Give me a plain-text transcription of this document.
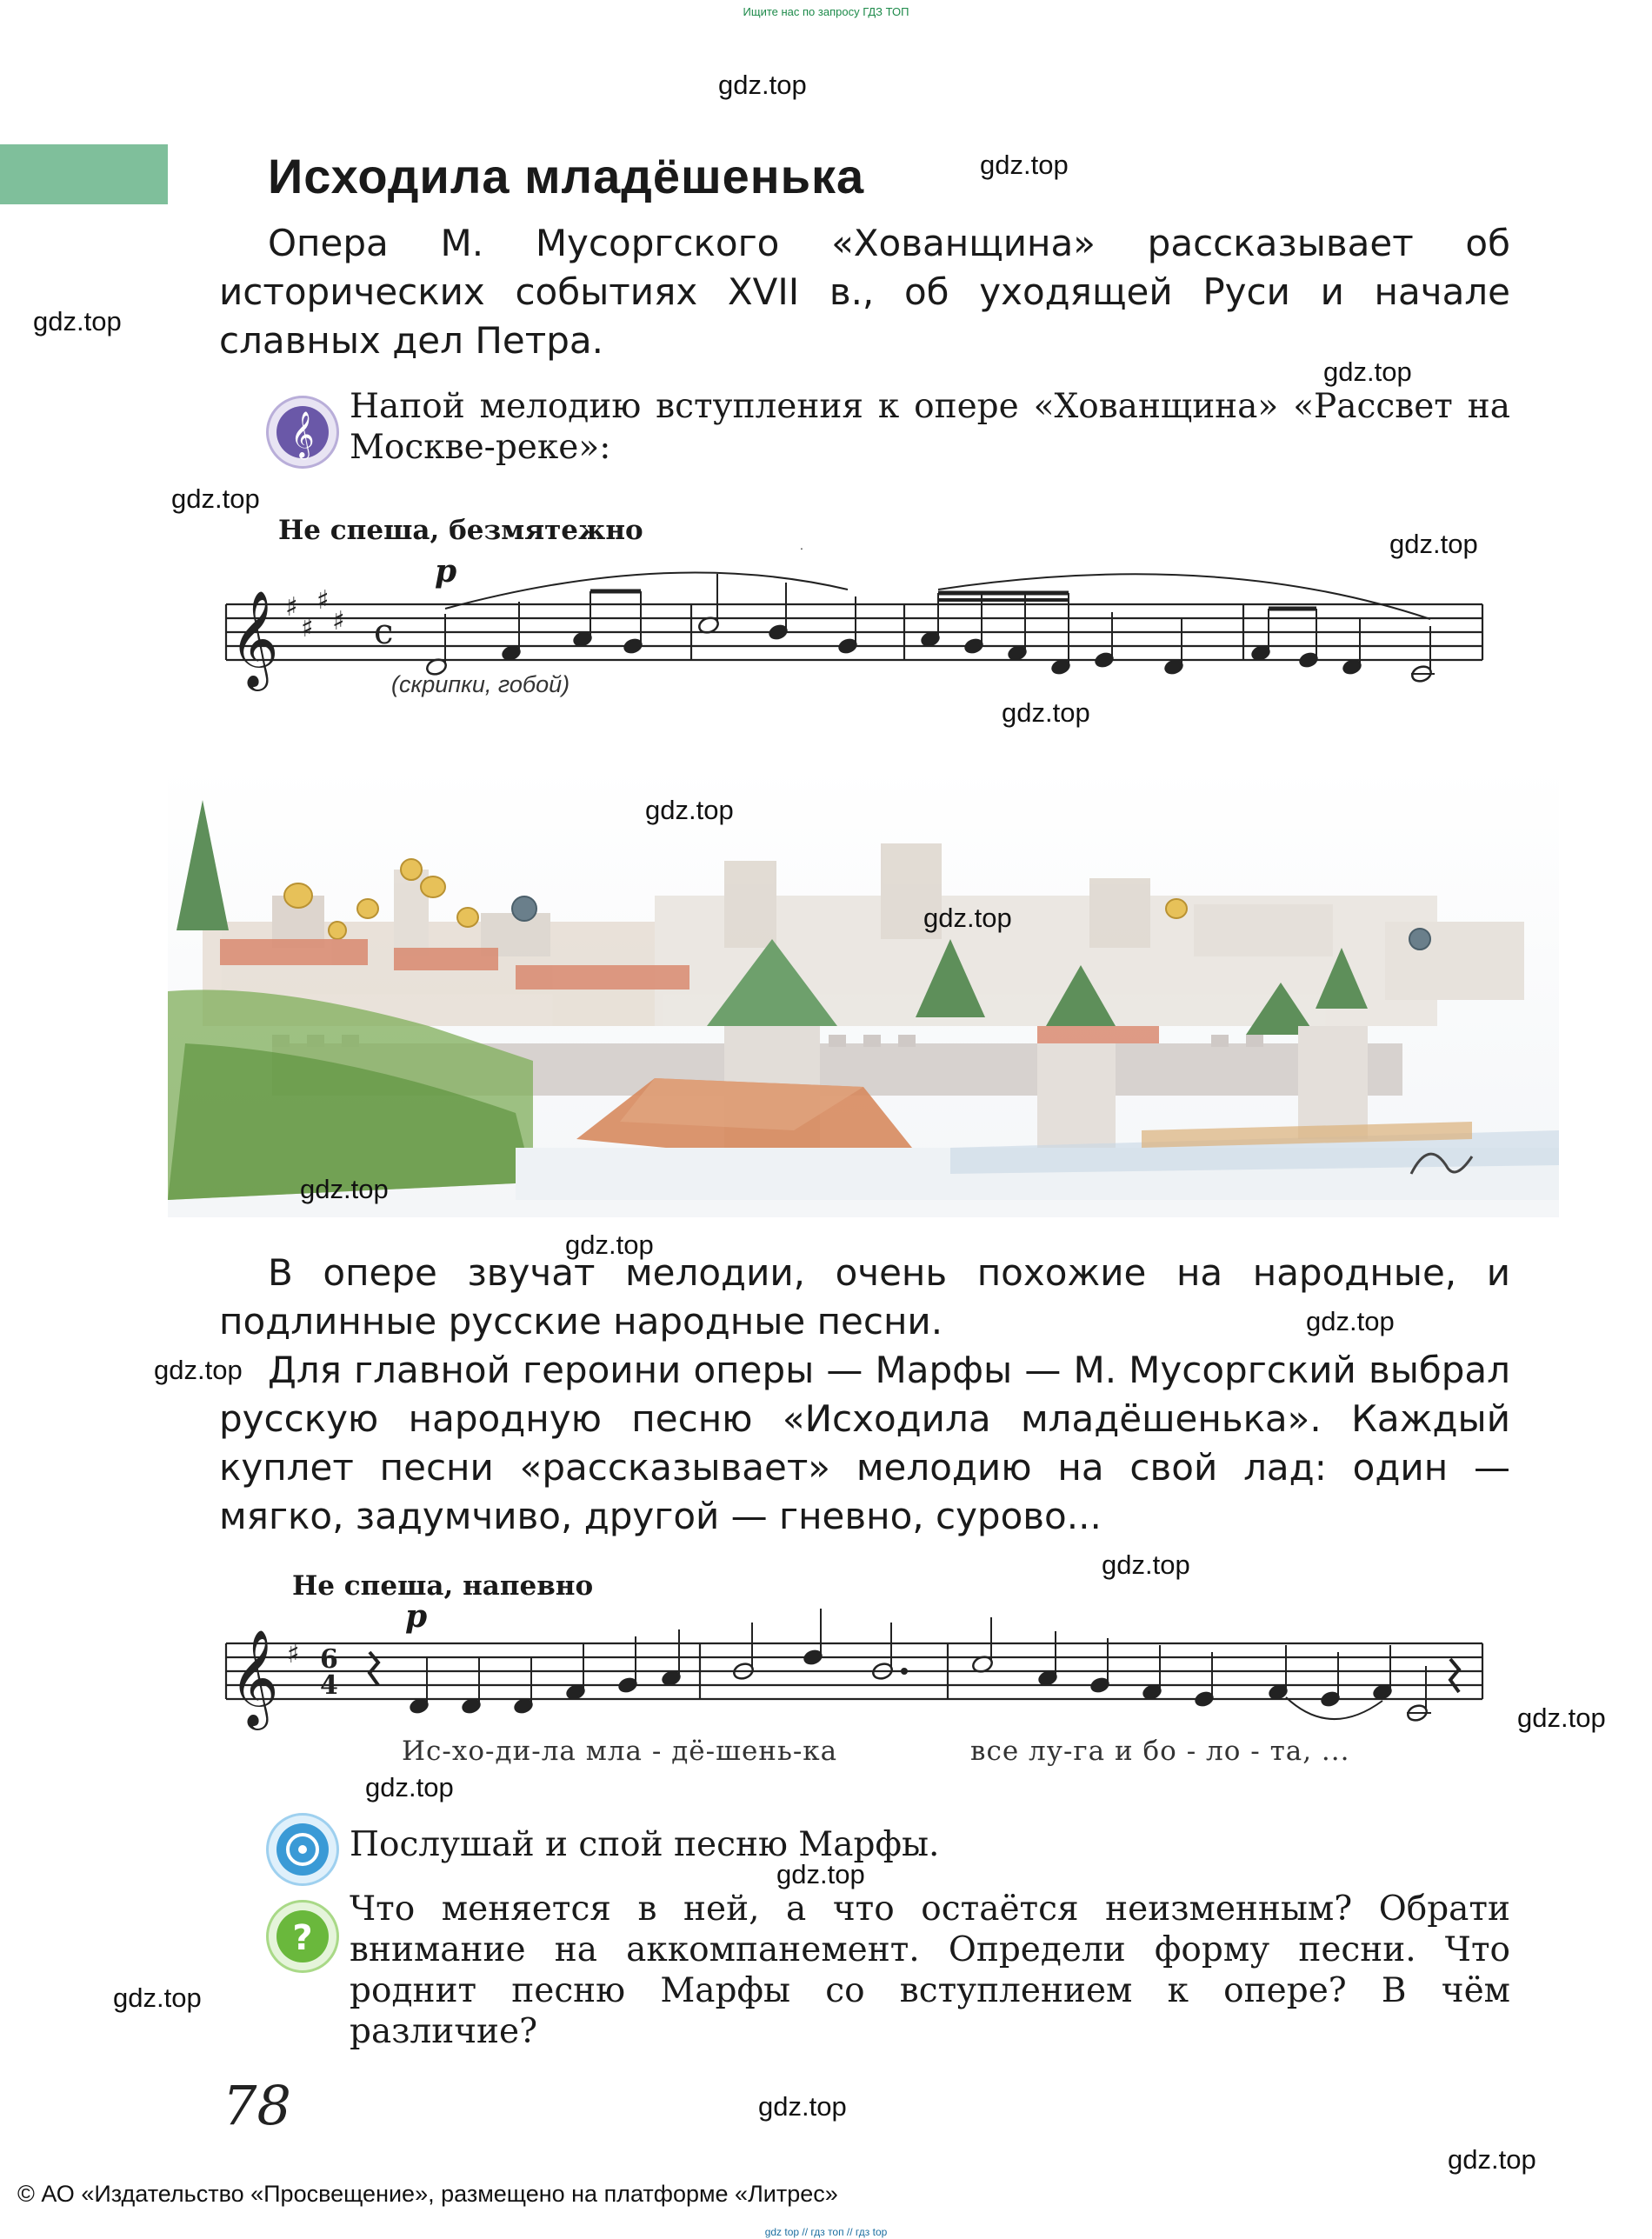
Ищите нас по запросу ГДЗ ТОП
gdz top // гдз топ // гдз top
Исходила младёшенька
Опера М. Мусоргского «Хованщина» рассказывает об исторических событиях XVII в., об уходящей Руси и начале славных дел Петра.
𝄞
Напой мелодию вступления к опере «Хованщина» «Рассвет на Москве-реке»:
Не спеша, безмятежно
p
𝄞 ♯
♯
♯
♯ c
.
(скрипки, гобой)
В опере звучат мелодии, очень похожие на народные, и подлинные русские народные песни.
Для главной героини оперы — Марфы — М. Мусоргский выбрал русскую народную песню «Исходила младёшенька». Каждый куплет песни «рассказывает» мелодию на свой лад: один — мягко, задумчиво, другой — гневно, сурово...
Не спеша, напевно
p
𝄞 ♯ 6
4
Ис-хо-ди-ла мла - дё-шень-ка	все лу-га и бо - ло - та, ...
Послушай и спой песню Марфы.
?
Что меняется в ней, а что остаётся неизменным? Обрати внимание на аккомпанемент. Определи форму песни. Что роднит песню Марфы со вступлением к опере? В чём различие?
78
© АО «Издательство «Просвещение», размещено на платформе «Литрес»
gdz.top
gdz.top
gdz.top
gdz.top
gdz.top
gdz.top
gdz.top
gdz.top
gdz.top
gdz.top
gdz.top
gdz.top
gdz.top
gdz.top
gdz.top
gdz.top
gdz.top
gdz.top
gdz.top
gdz.top
